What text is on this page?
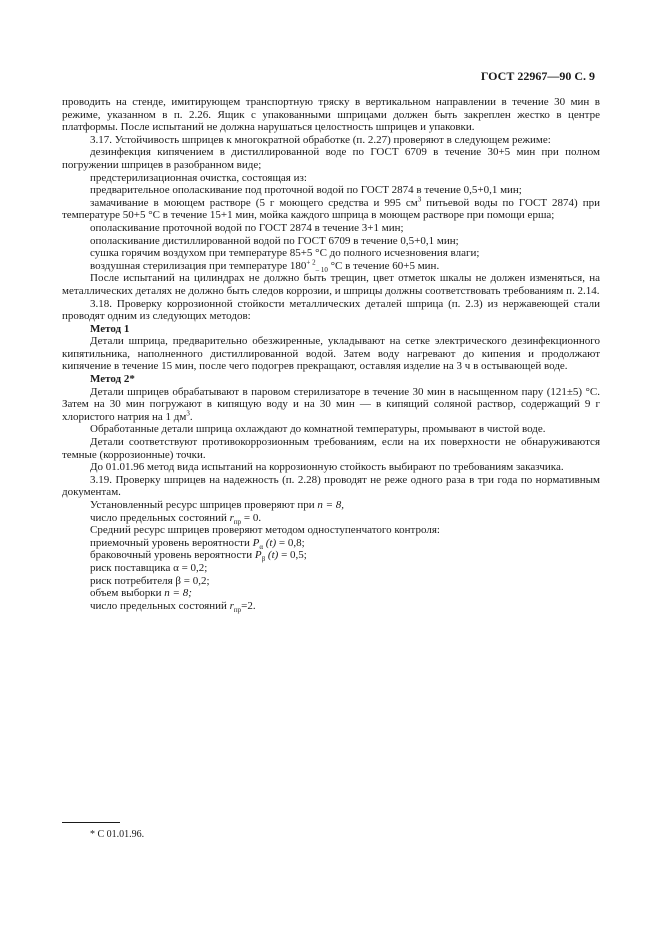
ГОСТ 22967—90 С. 9

проводить на стенде, имитирующем транспортную тряску в вертикальном направлении в течение 30 мин в режиме, указанном в п. 2.26. Ящик с упакованными шприцами должен быть закреплен жестко в центре платформы. После испытаний не должна нарушаться целостность шприцев и упаковки.

3.17. Устойчивость шприцев к многократной обработке (п. 2.27) проверяют в следующем режиме:

дезинфекция кипячением в дистиллированной воде по ГОСТ 6709 в течение 30+5 мин при полном погружении шприцев в разобранном виде;

предстерилизационная очистка, состоящая из:

предварительное ополаскивание под проточной водой по ГОСТ 2874 в течение 0,5+0,1 мин;

замачивание в моющем растворе (5 г моющего средства и 995 $см^3$ питьевой воды по ГОСТ 2874) при температуре 50+5 °С в течение 15+1 мин, мойка каждого шприца в моющем растворе при помощи ерша;

ополаскивание проточной водой по ГОСТ 2874 в течение 3+1 мин;

ополаскивание дистиллированной водой по ГОСТ 6709 в течение 0,5+0,1 мин;

сушка горячим воздухом при температуре 85+5 °С до полного исчезновения влаги;

воздушная стерилизация при температуре $180^{+ 2}_{- 10}$ °С в течение 60+5 мин.

После испытаний на цилиндрах не должно быть трещин, цвет отметок шкалы не должен изменяться, на металлических деталях не должно быть следов коррозии, и шприцы должны соответствовать требованиям п. 2.14.

3.18. Проверку коррозионной стойкости металлических деталей шприца (п. 2.3) из нержавеющей стали проводят одним из следующих методов:

Метод 1

Детали шприца, предварительно обезжиренные, укладывают на сетке электрического дезинфекционного кипятильника, наполненного дистиллированной водой. Затем воду нагревают до кипения и продолжают кипячение в течение 15 мин, после чего подогрев прекращают, оставляя изделие на 3 ч в остывающей воде.

Метод 2*

Детали шприцев обрабатывают в паровом стерилизаторе в течение 30 мин в насыщенном пару (121±5) °С. Затем на 30 мин погружают в кипящую воду и на 30 мин — в кипящий соляной раствор, содержащий 9 г хлористого натрия на 1 $дм^3$.

Обработанные детали шприца охлаждают до комнатной температуры, промывают в чистой воде.

Детали соответствуют противокоррозионным требованиям, если на их поверхности не обнаруживаются темные (коррозионные) точки.

До 01.01.96 метод вида испытаний на коррозионную стойкость выбирают по требованиям заказчика.

3.19. Проверку шприцев на надежность (п. 2.28) проводят не реже одного раза в три года по нормативным документам.

Установленный ресурс шприцев проверяют при n = 8,

число предельных состояний $r_{пр} = 0$.

Средний ресурс шприцев проверяют методом одноступенчатого контроля:

приемочный уровень вероятности $P_\alpha$ (t) = 0,8;

браковочный уровень вероятности $P_\beta$ (t) = 0,5;

риск поставщика α = 0,2;

риск потребителя β = 0,2;

объем выборки n = 8;

число предельных состояний $r_{пр}=2$.

* С 01.01.96.
